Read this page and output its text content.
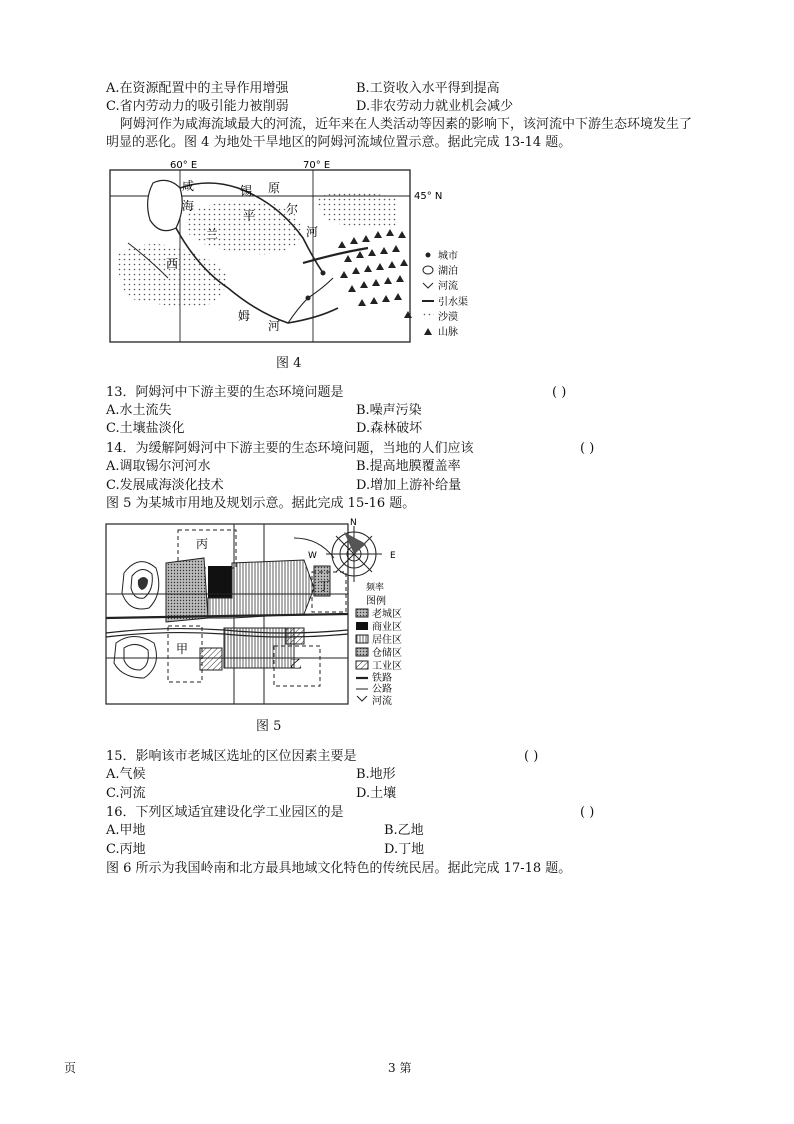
A.在资源配置中的主导作用增强	B.工资收入水平得到提高
C.省内劳动力的吸引能力被削弱	D.非农劳动力就业机会减少
阿姆河作为咸海流域最大的河流，近年来在人类活动等因素的影响下，该河流中下游生态环境发生了
明显的恶化。图 4 为地处干旱地区的阿姆河流域位置示意。据此完成 13-14 题。
60° E	70° E
45° N
咸
海
锡 原
尔
平
兰	河
西
姆
河
城市
湖泊
河流
引水渠
沙漠
山脉
图 4
13．阿姆河中下游主要的生态环境问题是	( )
A.水土流失	B.噪声污染
C.土壤盐淡化	D.森林破坏
14．为缓解阿姆河中下游主要的生态环境问题，当地的人们应该	( )
A.调取锡尔河河水	B.提高地膜覆盖率
C.发展咸海淡化技术	D.增加上游补给量
图 5 为某城市用地及规划示意。据此完成 15-16 题。
丙
丁
甲
乙
N
W	E
频率
图例
老城区
商业区
居住区
仓储区
工业区
铁路
公路
河流
图 5
15．影响该市老城区选址的区位因素主要是	( )
A.气候	B.地形
C.河流	D.土壤
16．下列区域适宜建设化学工业园区的是	( )
A.甲地	B.乙地
C.丙地	D.丁地
图 6 所示为我国岭南和北方最具地域文化特色的传统民居。据此完成 17-18 题。
页	3 第
